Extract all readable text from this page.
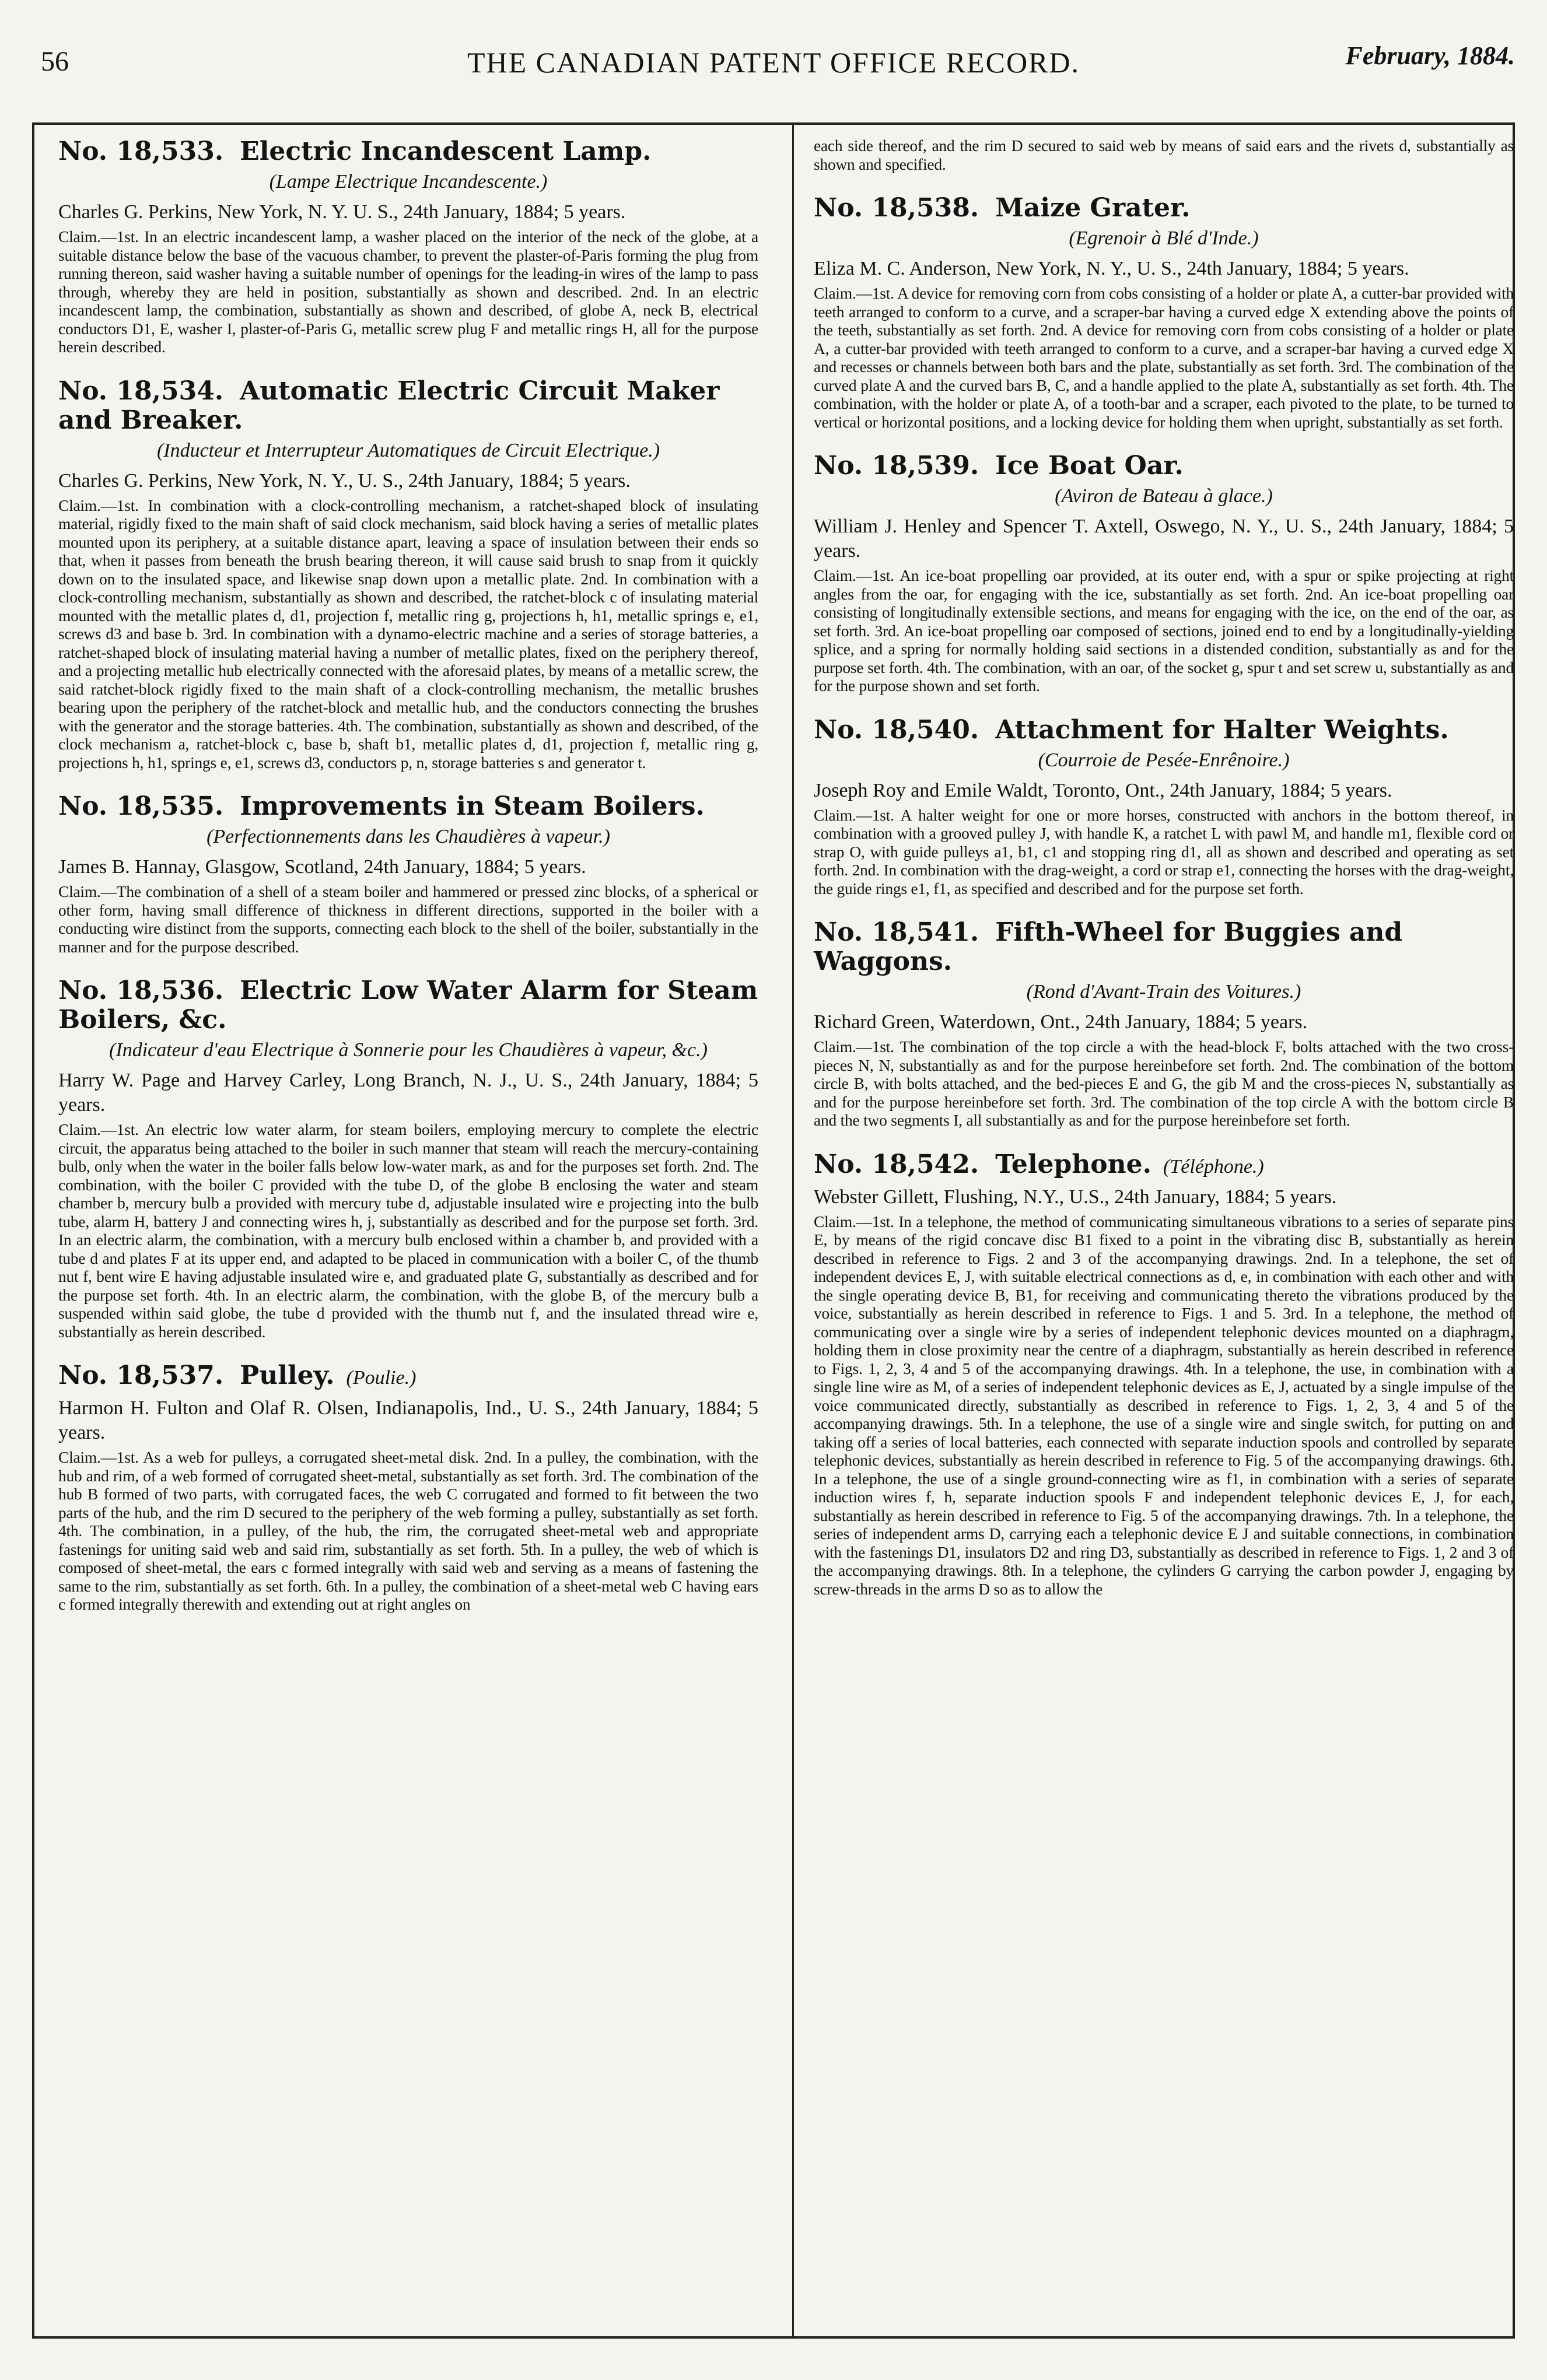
56	THE CANADIAN PATENT OFFICE RECORD.	February, 1884.
No. 18,533. Electric Incandescent Lamp.
(Lampe Electrique Incandescente.)
Charles G. Perkins, New York, N. Y. U. S., 24th January, 1884; 5 years.

Claim.—1st. In an electric incandescent lamp, a washer placed on the interior of the neck of the globe, at a suitable distance below the base of the vacuous chamber, to prevent the plaster-of-Paris forming the plug from running thereon, said washer having a suitable number of openings for the leading-in wires of the lamp to pass through, whereby they are held in position, substantially as shown and described. 2nd. In an electric incandescent lamp, the combination, substantially as shown and described, of globe A, neck B, electrical conductors D1, E, washer I, plaster-of-Paris G, metallic screw plug F and metallic rings H, all for the purpose herein described.

No. 18,534. Automatic Electric Circuit Maker and Breaker.
(Inducteur et Interrupteur Automatiques de Circuit Electrique.)
Charles G. Perkins, New York, N. Y., U. S., 24th January, 1884; 5 years.

Claim.—1st. In combination with a clock-controlling mechanism, a ratchet-shaped block of insulating material, rigidly fixed to the main shaft of said clock mechanism, said block having a series of metallic plates mounted upon its periphery, at a suitable distance apart, leaving a space of insulation between their ends so that, when it passes from beneath the brush bearing thereon, it will cause said brush to snap from it quickly down on to the insulated space, and likewise snap down upon a metallic plate. 2nd. In combination with a clock-controlling mechanism, substantially as shown and described, the ratchet-block c of insulating material mounted with the metallic plates d, d1, projection f, metallic ring g, projections h, h1, metallic springs e, e1, screws d3 and base b. 3rd. In combination with a dynamo-electric machine and a series of storage batteries, a ratchet-shaped block of insulating material having a number of metallic plates, fixed on the periphery thereof, and a projecting metallic hub electrically connected with the aforesaid plates, by means of a metallic screw, the said ratchet-block rigidly fixed to the main shaft of a clock-controlling mechanism, the metallic brushes bearing upon the periphery of the ratchet-block and metallic hub, and the conductors connecting the brushes with the generator and the storage batteries. 4th. The combination, substantially as shown and described, of the clock mechanism a, ratchet-block c, base b, shaft b1, metallic plates d, d1, projection f, metallic ring g, projections h, h1, springs e, e1, screws d3, conductors p, n, storage batteries s and generator t.

No. 18,535. Improvements in Steam Boilers.
(Perfectionnements dans les Chaudières à vapeur.)
James B. Hannay, Glasgow, Scotland, 24th January, 1884; 5 years.

Claim.—The combination of a shell of a steam boiler and hammered or pressed zinc blocks, of a spherical or other form, having small difference of thickness in different directions, supported in the boiler with a conducting wire distinct from the supports, connecting each block to the shell of the boiler, substantially in the manner and for the purpose described.

No. 18,536. Electric Low Water Alarm for Steam Boilers, &c.
(Indicateur d'eau Electrique à Sonnerie pour les Chaudières à vapeur, &c.)
Harry W. Page and Harvey Carley, Long Branch, N. J., U. S., 24th January, 1884; 5 years.

Claim.—1st. An electric low water alarm, for steam boilers, employing mercury to complete the electric circuit, the apparatus being attached to the boiler in such manner that steam will reach the mercury-containing bulb, only when the water in the boiler falls below low-water mark, as and for the purposes set forth. 2nd. The combination, with the boiler C provided with the tube D, of the globe B enclosing the water and steam chamber b, mercury bulb a provided with mercury tube d, adjustable insulated wire e projecting into the bulb tube, alarm H, battery J and connecting wires h, j, substantially as described and for the purpose set forth. 3rd. In an electric alarm, the combination, with a mercury bulb enclosed within a chamber b, and provided with a tube d and plates F at its upper end, and adapted to be placed in communication with a boiler C, of the thumb nut f, bent wire E having adjustable insulated wire e, and graduated plate G, substantially as described and for the purpose set forth. 4th. In an electric alarm, the combination, with the globe B, of the mercury bulb a suspended within said globe, the tube d provided with the thumb nut f, and the insulated thread wire e, substantially as herein described.

No. 18,537. Pulley. (Poulie.)
Harmon H. Fulton and Olaf R. Olsen, Indianapolis, Ind., U. S., 24th January, 1884; 5 years.

Claim.—1st. As a web for pulleys, a corrugated sheet-metal disk. 2nd. In a pulley, the combination, with the hub and rim, of a web formed of corrugated sheet-metal, substantially as set forth. 3rd. The combination of the hub B formed of two parts, with corrugated faces, the web C corrugated and formed to fit between the two parts of the hub, and the rim D secured to the periphery of the web forming a pulley, substantially as set forth. 4th. The combination, in a pulley, of the hub, the rim, the corrugated sheet-metal web and appropriate fastenings for uniting said web and said rim, substantially as set forth. 5th. In a pulley, the web of which is composed of sheet-metal, the ears c formed integrally with said web and serving as a means of fastening the same to the rim, substantially as set forth. 6th. In a pulley, the combination of a sheet-metal web C having ears c formed integrally therewith and extending out at right angles on

each side thereof, and the rim D secured to said web by means of said ears and the rivets d, substantially as shown and specified.

No. 18,538. Maize Grater.
(Egrenoir à Blé d'Inde.)
Eliza M. C. Anderson, New York, N. Y., U. S., 24th January, 1884; 5 years.

Claim.—1st. A device for removing corn from cobs consisting of a holder or plate A, a cutter-bar provided with teeth arranged to conform to a curve, and a scraper-bar having a curved edge X extending above the points of the teeth, substantially as set forth. 2nd. A device for removing corn from cobs consisting of a holder or plate A, a cutter-bar provided with teeth arranged to conform to a curve, and a scraper-bar having a curved edge X and recesses or channels between both bars and the plate, substantially as set forth. 3rd. The combination of the curved plate A and the curved bars B, C, and a handle applied to the plate A, substantially as set forth. 4th. The combination, with the holder or plate A, of a tooth-bar and a scraper, each pivoted to the plate, to be turned to vertical or horizontal positions, and a locking device for holding them when upright, substantially as set forth.

No. 18,539. Ice Boat Oar.
(Aviron de Bateau à glace.)
William J. Henley and Spencer T. Axtell, Oswego, N. Y., U. S., 24th January, 1884; 5 years.

Claim.—1st. An ice-boat propelling oar provided, at its outer end, with a spur or spike projecting at right angles from the oar, for engaging with the ice, substantially as set forth. 2nd. An ice-boat propelling oar consisting of longitudinally extensible sections, and means for engaging with the ice, on the end of the oar, as set forth. 3rd. An ice-boat propelling oar composed of sections, joined end to end by a longitudinally-yielding splice, and a spring for normally holding said sections in a distended condition, substantially as and for the purpose set forth. 4th. The combination, with an oar, of the socket g, spur t and set screw u, substantially as and for the purpose shown and set forth.

No. 18,540. Attachment for Halter Weights.
(Courroie de Pesée-Enrênoire.)
Joseph Roy and Emile Waldt, Toronto, Ont., 24th January, 1884; 5 years.

Claim.—1st. A halter weight for one or more horses, constructed with anchors in the bottom thereof, in combination with a grooved pulley J, with handle K, a ratchet L with pawl M, and handle m1, flexible cord or strap O, with guide pulleys a1, b1, c1 and stopping ring d1, all as shown and described and operating as set forth. 2nd. In combination with the drag-weight, a cord or strap e1, connecting the horses with the drag-weight, the guide rings e1, f1, as specified and described and for the purpose set forth.

No. 18,541. Fifth-Wheel for Buggies and Waggons.
(Rond d'Avant-Train des Voitures.)
Richard Green, Waterdown, Ont., 24th January, 1884; 5 years.

Claim.—1st. The combination of the top circle a with the head-block F, bolts attached with the two cross-pieces N, N, substantially as and for the purpose hereinbefore set forth. 2nd. The combination of the bottom circle B, with bolts attached, and the bed-pieces E and G, the gib M and the cross-pieces N, substantially as and for the purpose hereinbefore set forth. 3rd. The combination of the top circle A with the bottom circle B and the two segments I, all substantially as and for the purpose hereinbefore set forth.

No. 18,542. Telephone. (Téléphone.)
Webster Gillett, Flushing, N.Y., U.S., 24th January, 1884; 5 years.

Claim.—1st. In a telephone, the method of communicating simultaneous vibrations to a series of separate pins E, by means of the rigid concave disc B1 fixed to a point in the vibrating disc B, substantially as herein described in reference to Figs. 2 and 3 of the accompanying drawings. 2nd. In a telephone, the set of independent devices E, J, with suitable electrical connections as d, e, in combination with each other and with the single operating device B, B1, for receiving and communicating thereto the vibrations produced by the voice, substantially as herein described in reference to Figs. 1 and 5. 3rd. In a telephone, the method of communicating over a single wire by a series of independent telephonic devices mounted on a diaphragm, holding them in close proximity near the centre of a diaphragm, substantially as herein described in reference to Figs. 1, 2, 3, 4 and 5 of the accompanying drawings. 4th. In a telephone, the use, in combination with a single line wire as M, of a series of independent telephonic devices as E, J, actuated by a single impulse of the voice communicated directly, substantially as described in reference to Figs. 1, 2, 3, 4 and 5 of the accompanying drawings. 5th. In a telephone, the use of a single wire and single switch, for putting on and taking off a series of local batteries, each connected with separate induction spools and controlled by separate telephonic devices, substantially as herein described in reference to Fig. 5 of the accompanying drawings. 6th. In a telephone, the use of a single ground-connecting wire as f1, in combination with a series of separate induction wires f, h, separate induction spools F and independent telephonic devices E, J, for each, substantially as herein described in reference to Fig. 5 of the accompanying drawings. 7th. In a telephone, the series of independent arms D, carrying each a telephonic device E J and suitable connections, in combination with the fastenings D1, insulators D2 and ring D3, substantially as described in reference to Figs. 1, 2 and 3 of the accompanying drawings. 8th. In a telephone, the cylinders G carrying the carbon powder J, engaging by screw-threads in the arms D so as to allow the
